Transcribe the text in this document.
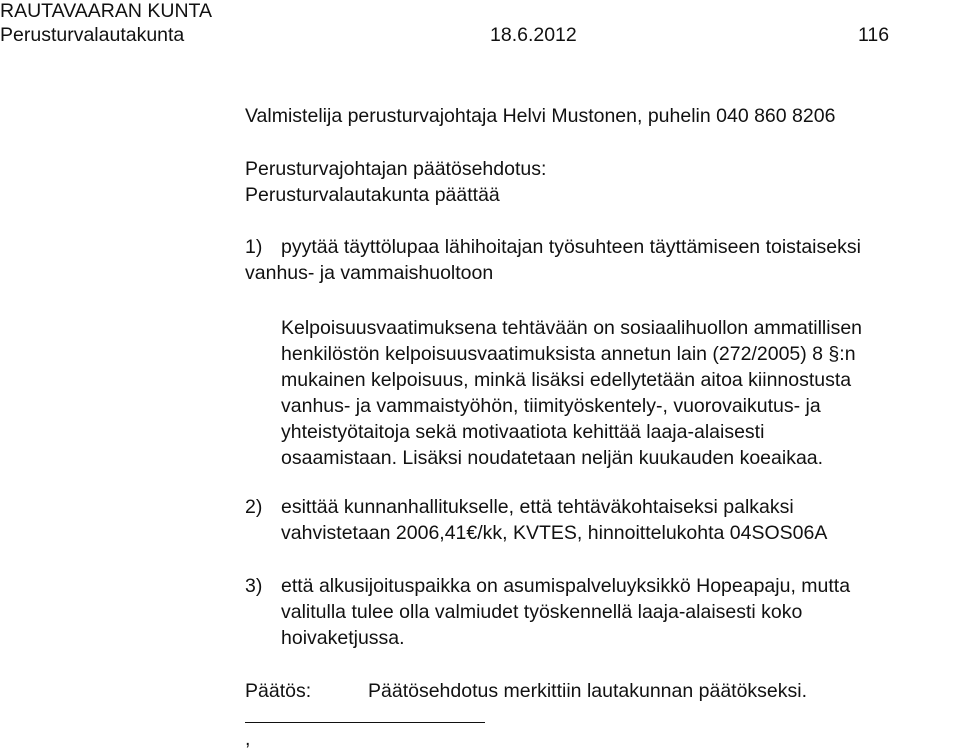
RAUTAVAARAN KUNTA
Perusturvalautakunta	18.6.2012	116
Valmistelija perusturvajohtaja Helvi Mustonen, puhelin 040 860 8206
Perusturvajohtajan päätösehdotus:
Perusturvalautakunta päättää
1) pyytää täyttölupaa lähihoitajan työsuhteen täyttämiseen toistaiseksi
vanhus- ja vammaishuoltoon
Kelpoisuusvaatimuksena tehtävään on sosiaalihuollon ammatillisen
henkilöstön kelpoisuusvaatimuksista annetun lain (272/2005) 8 §:n
mukainen kelpoisuus, minkä lisäksi edellytetään aitoa kiinnostusta
vanhus- ja vammaistyöhön, tiimityöskentely-, vuorovaikutus- ja
yhteistyötaitoja sekä motivaatiota kehittää laaja-alaisesti
osaamistaan. Lisäksi noudatetaan neljän kuukauden koeaikaa.
2) esittää kunnanhallitukselle, että tehtäväkohtaiseksi palkaksi
vahvistetaan 2006,41€/kk, KVTES, hinnoittelukohta 04SOS06A
3) että alkusijoituspaikka on asumispalveluyksikkö Hopeapaju, mutta
valitulla tulee olla valmiudet työskennellä laaja-alaisesti koko
hoivaketjussa.
Päätös:	Päätösehdotus merkittiin lautakunnan päätökseksi.
,
